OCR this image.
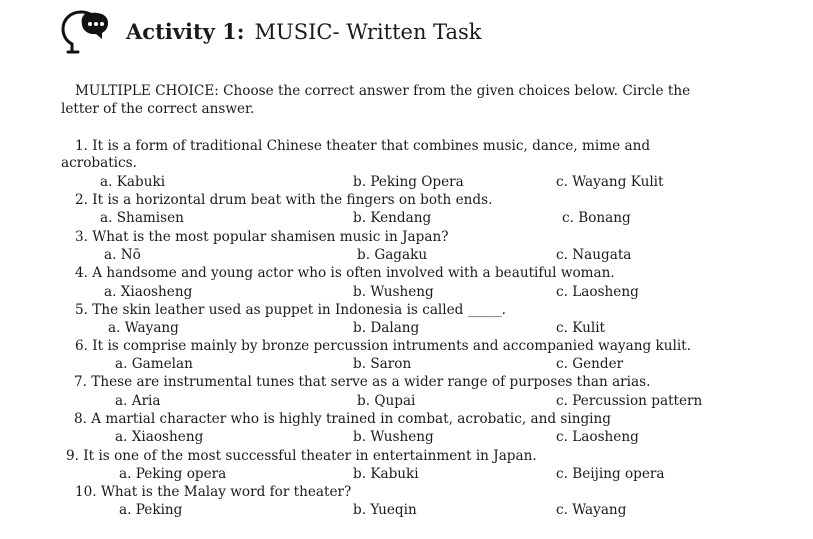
Activity 1: MUSIC- Written Task
MULTIPLE CHOICE: Choose the correct answer from the given choices below. Circle the
letter of the correct answer.
1. It is a form of traditional Chinese theater that combines music, dance, mime and
acrobatics.
a. Kabuki	b. Peking Opera	c. Wayang Kulit
2. It is a horizontal drum beat with the fingers on both ends.
a. Shamisen	b. Kendang	c. Bonang
3. What is the most popular shamisen music in Japan?
a. Nō	b. Gagaku	c. Naugata
4. A handsome and young actor who is often involved with a beautiful woman.
a. Xiaosheng	b. Wusheng	c. Laosheng
5. The skin leather used as puppet in Indonesia is called _____.
a. Wayang	b. Dalang	c. Kulit
6. It is comprise mainly by bronze percussion intruments and accompanied wayang kulit.
a. Gamelan	b. Saron	c. Gender
7. These are instrumental tunes that serve as a wider range of purposes than arias.
a. Aria	b. Qupai	c. Percussion pattern
8. A martial character who is highly trained in combat, acrobatic, and singing
a. Xiaosheng	b. Wusheng	c. Laosheng
9. It is one of the most successful theater in entertainment in Japan.
a. Peking opera	b. Kabuki	c. Beijing opera
10. What is the Malay word for theater?
a. Peking	b. Yueqin	c. Wayang
